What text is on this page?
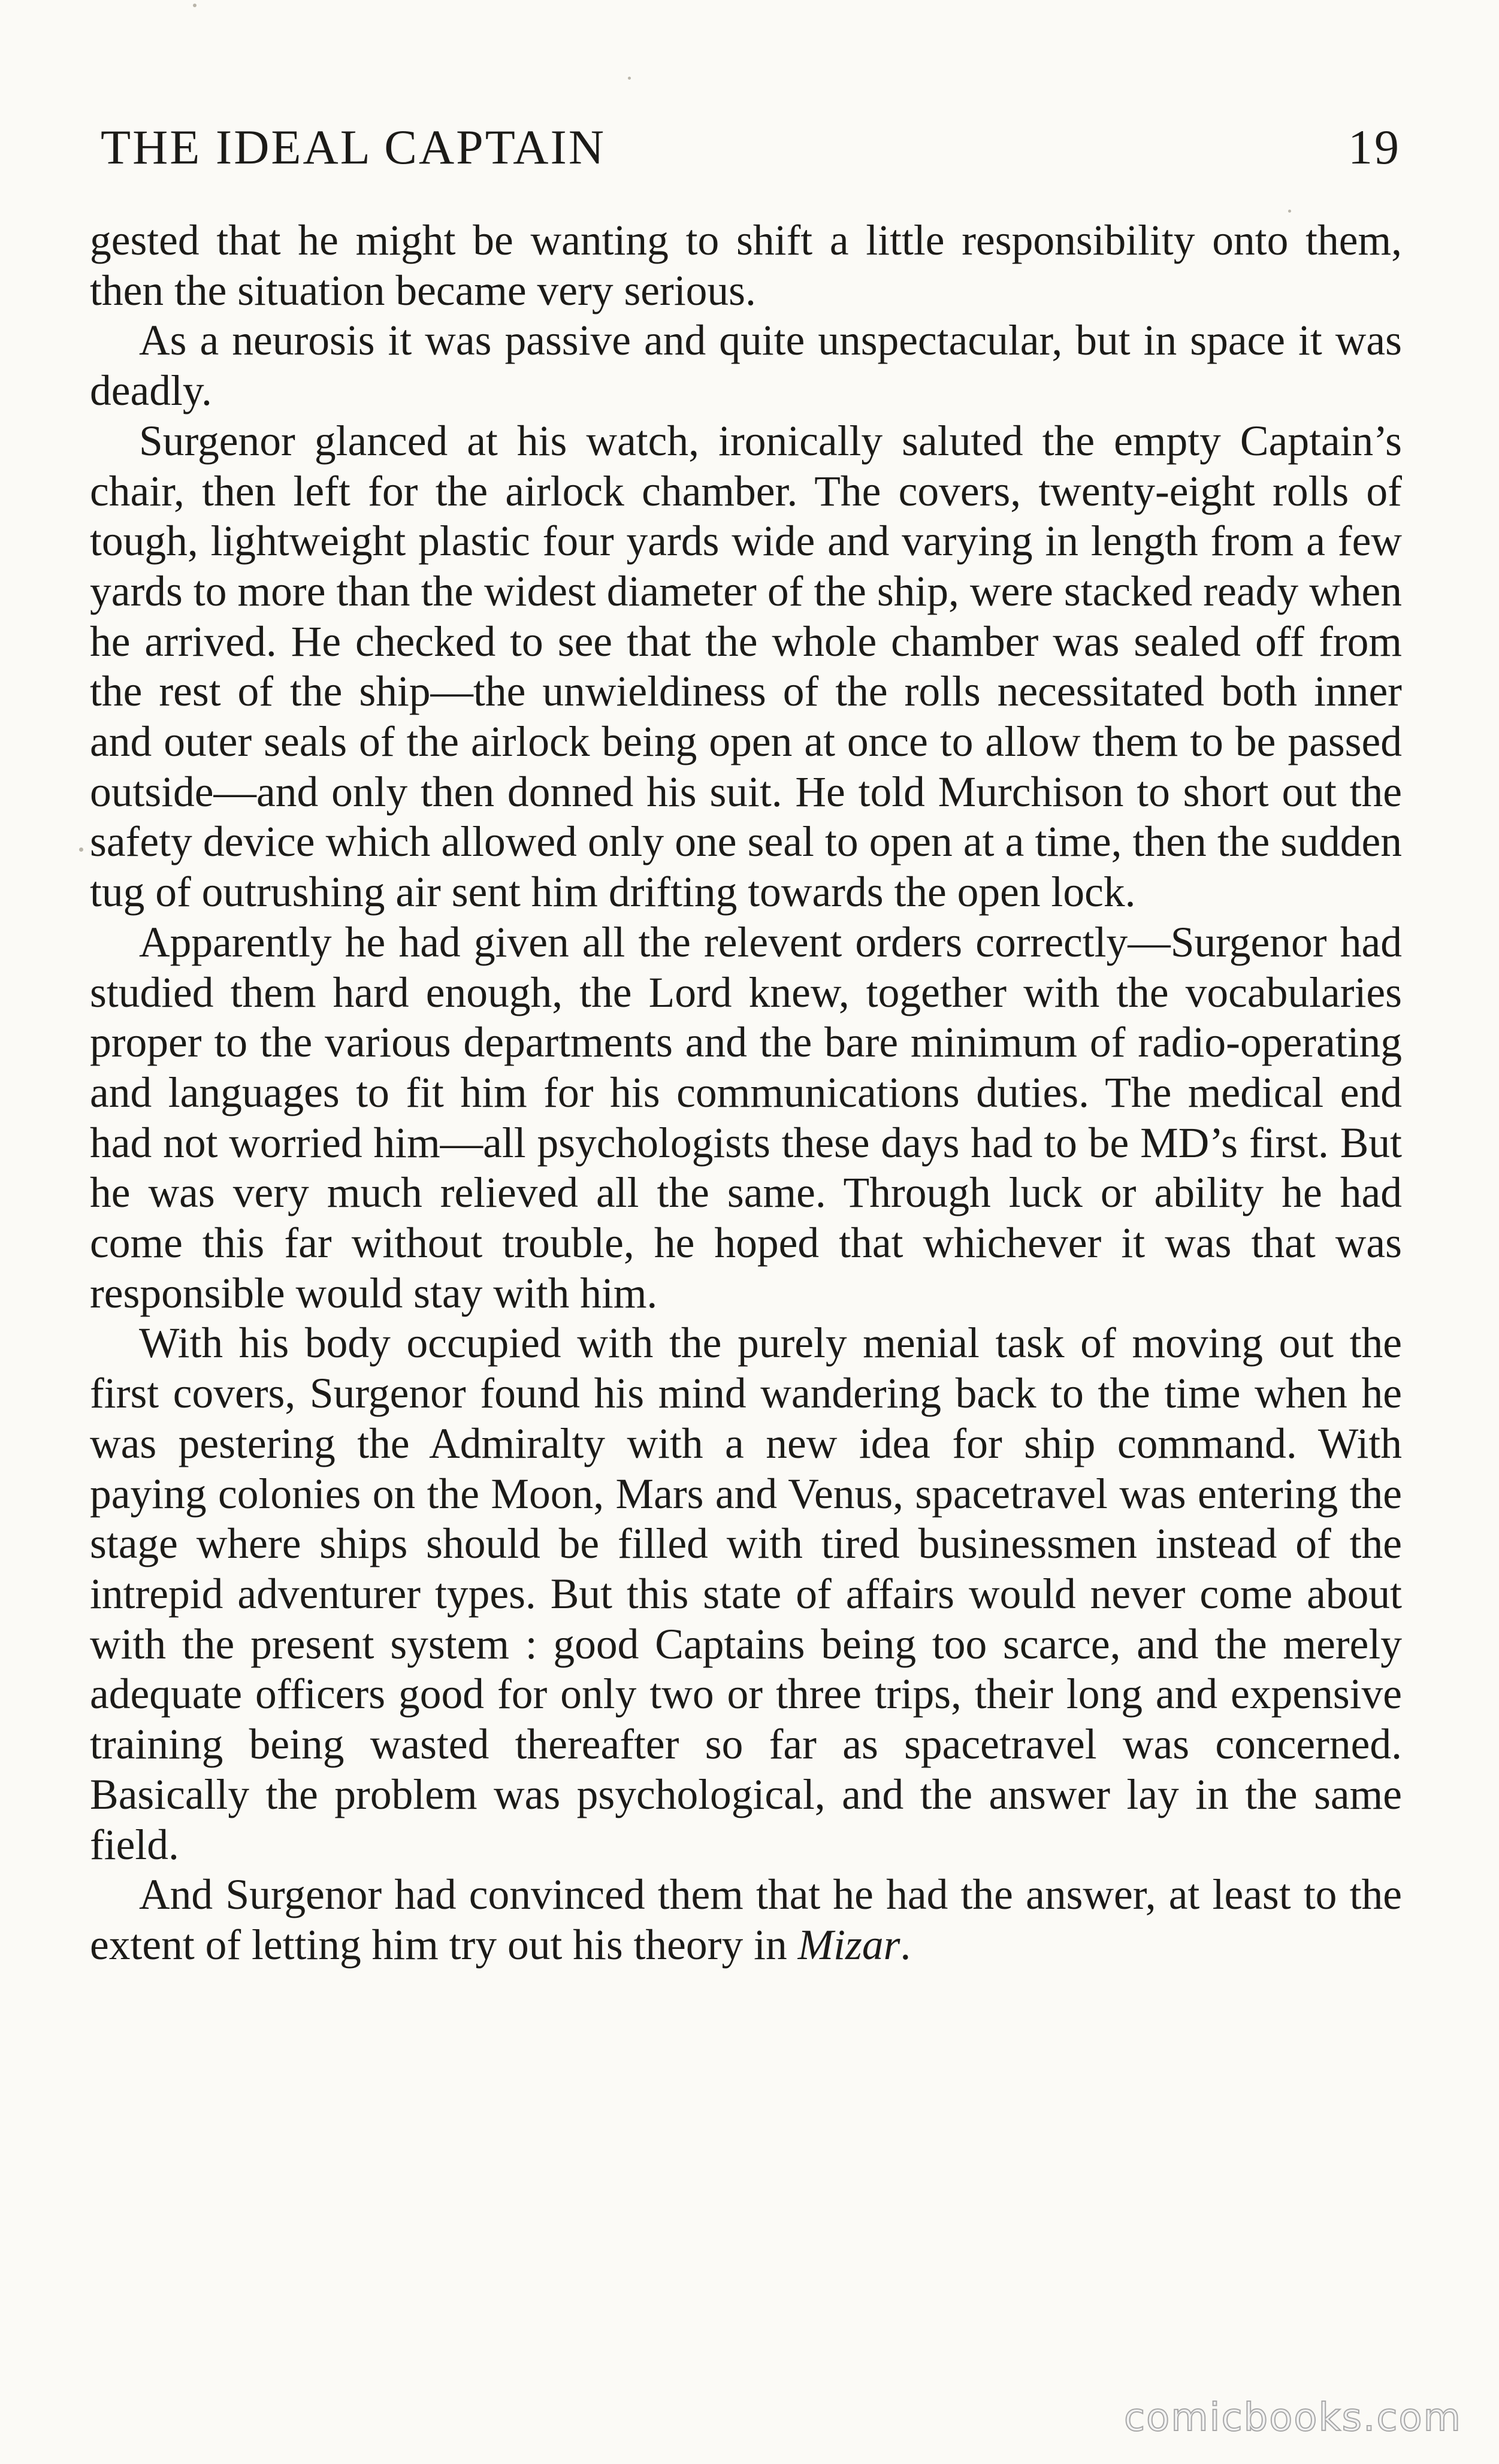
THE IDEAL CAPTAIN	19

gested that he might be wanting to shift a little responsibility onto them, then the situation became very serious.

As a neurosis it was passive and quite unspectacular, but in space it was deadly.

Surgenor glanced at his watch, ironically saluted the empty Captain’s chair, then left for the airlock chamber. The covers, twenty-eight rolls of tough, lightweight plastic four yards wide and varying in length from a few yards to more than the widest diameter of the ship, were stacked ready when he arrived. He checked to see that the whole chamber was sealed off from the rest of the ship—the unwieldiness of the rolls necessitated both inner and outer seals of the airlock being open at once to allow them to be passed outside—and only then donned his suit. He told Murchison to short out the safety device which allowed only one seal to open at a time, then the sudden tug of outrushing air sent him drifting towards the open lock.

Apparently he had given all the relevent orders correctly—Surgenor had studied them hard enough, the Lord knew, together with the vocabularies proper to the various departments and the bare minimum of radio-operating and languages to fit him for his communications duties. The medical end had not worried him—all psychologists these days had to be MD’s first. But he was very much relieved all the same. Through luck or ability he had come this far without trouble, he hoped that whichever it was that was responsible would stay with him.

With his body occupied with the purely menial task of moving out the first covers, Surgenor found his mind wandering back to the time when he was pestering the Admiralty with a new idea for ship command. With paying colonies on the Moon, Mars and Venus, spacetravel was entering the stage where ships should be filled with tired businessmen instead of the intrepid adventurer types. But this state of affairs would never come about with the present system : good Captains being too scarce, and the merely adequate officers good for only two or three trips, their long and expensive training being wasted thereafter so far as spacetravel was concerned. Basically the problem was psychological, and the answer lay in the same field.

And Surgenor had convinced them that he had the answer, at least to the extent of letting him try out his theory in Mizar.

comicbooks.com
